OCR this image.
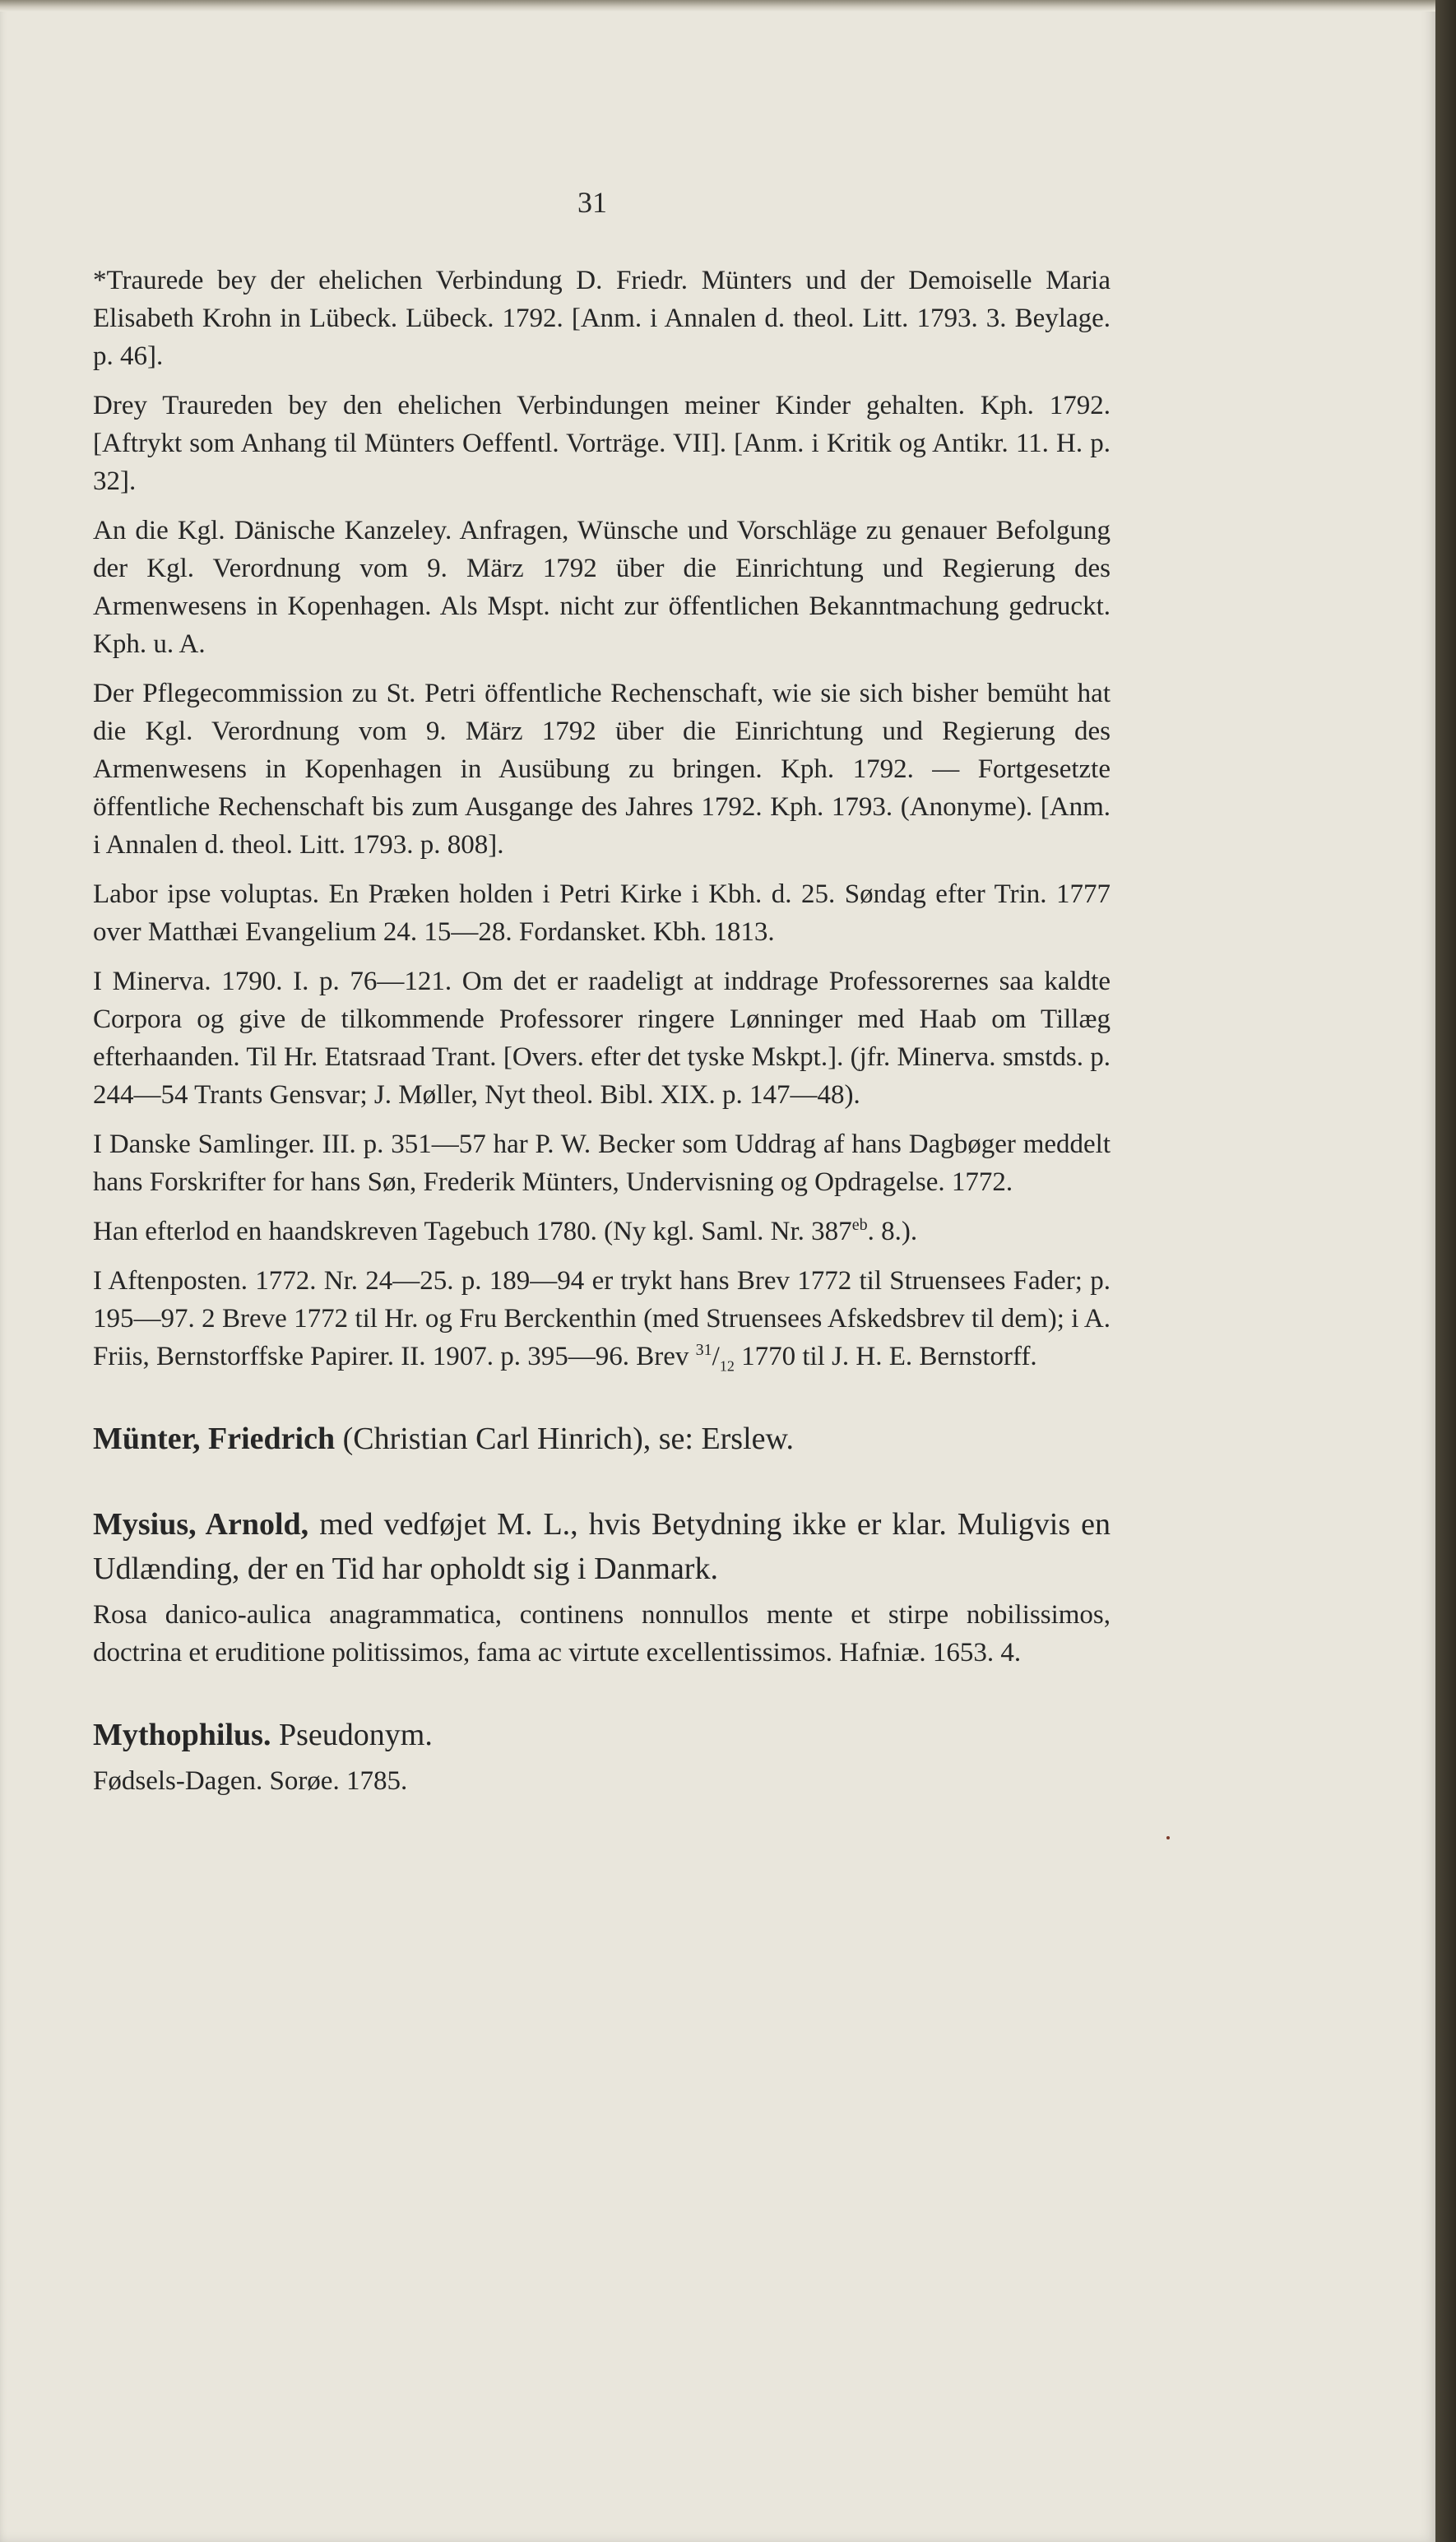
31

*Traurede bey der ehelichen Verbindung D. Friedr. Münters und der Demoiselle Maria Elisabeth Krohn in Lübeck. Lübeck. 1792. [Anm. i Annalen d. theol. Litt. 1793. 3. Beylage. p. 46].

Drey Traureden bey den ehelichen Verbindungen meiner Kinder gehalten. Kph. 1792. [Aftrykt som Anhang til Münters Oeffentl. Vorträge. VII]. [Anm. i Kritik og Antikr. 11. H. p. 32].

An die Kgl. Dänische Kanzeley. Anfragen, Wünsche und Vorschläge zu genauer Befolgung der Kgl. Verordnung vom 9. März 1792 über die Einrichtung und Regierung des Armenwesens in Kopenhagen. Als Mspt. nicht zur öffentlichen Bekanntmachung gedruckt. Kph. u. A.

Der Pflegecommission zu St. Petri öffentliche Rechenschaft, wie sie sich bisher bemüht hat die Kgl. Verordnung vom 9. März 1792 über die Einrichtung und Regierung des Armenwesens in Kopenhagen in Ausübung zu bringen. Kph. 1792. — Fortgesetzte öffentliche Rechenschaft bis zum Ausgange des Jahres 1792. Kph. 1793. (Anonyme). [Anm. i Annalen d. theol. Litt. 1793. p. 808].

Labor ipse voluptas. En Præken holden i Petri Kirke i Kbh. d. 25. Søndag efter Trin. 1777 over Matthæi Evangelium 24. 15—28. Fordansket. Kbh. 1813.

I Minerva. 1790. I. p. 76—121. Om det er raadeligt at inddrage Professorernes saa kaldte Corpora og give de tilkommende Professorer ringere Lønninger med Haab om Tillæg efterhaanden. Til Hr. Etatsraad Trant. [Overs. efter det tyske Mskpt.]. (jfr. Minerva. smstds. p. 244—54 Trants Gensvar; J. Møller, Nyt theol. Bibl. XIX. p. 147—48).

I Danske Samlinger. III. p. 351—57 har P. W. Becker som Uddrag af hans Dagbøger meddelt hans Forskrifter for hans Søn, Frederik Münters, Undervisning og Opdragelse. 1772.

Han efterlod en haandskreven Tagebuch 1780. (Ny kgl. Saml. Nr. $387^{eb}$. 8.).

I Aftenposten. 1772. Nr. 24—25. p. 189—94 er trykt hans Brev 1772 til Struensees Fader; p. 195—97. 2 Breve 1772 til Hr. og Fru Berckenthin (med Struensees Afskedsbrev til dem); i A. Friis, Bernstorffske Papirer. II. 1907. p. 395—96. Brev $^{31}/_{12}$ 1770 til J. H. E. Bernstorff.

Münter, Friedrich (Christian Carl Hinrich), se: Erslew.
Mysius, Arnold, med vedføjet M. L., hvis Betydning ikke er klar. Muligvis en Udlænding, der en Tid har opholdt sig i Danmark.

Rosa danico-aulica anagrammatica, continens nonnullos mente et stirpe nobilissimos, doctrina et eruditione politissimos, fama ac virtute excellentissimos. Hafniæ. 1653. 4.

Mythophilus. Pseudonym.

Fødsels-Dagen. Sorøe. 1785.
